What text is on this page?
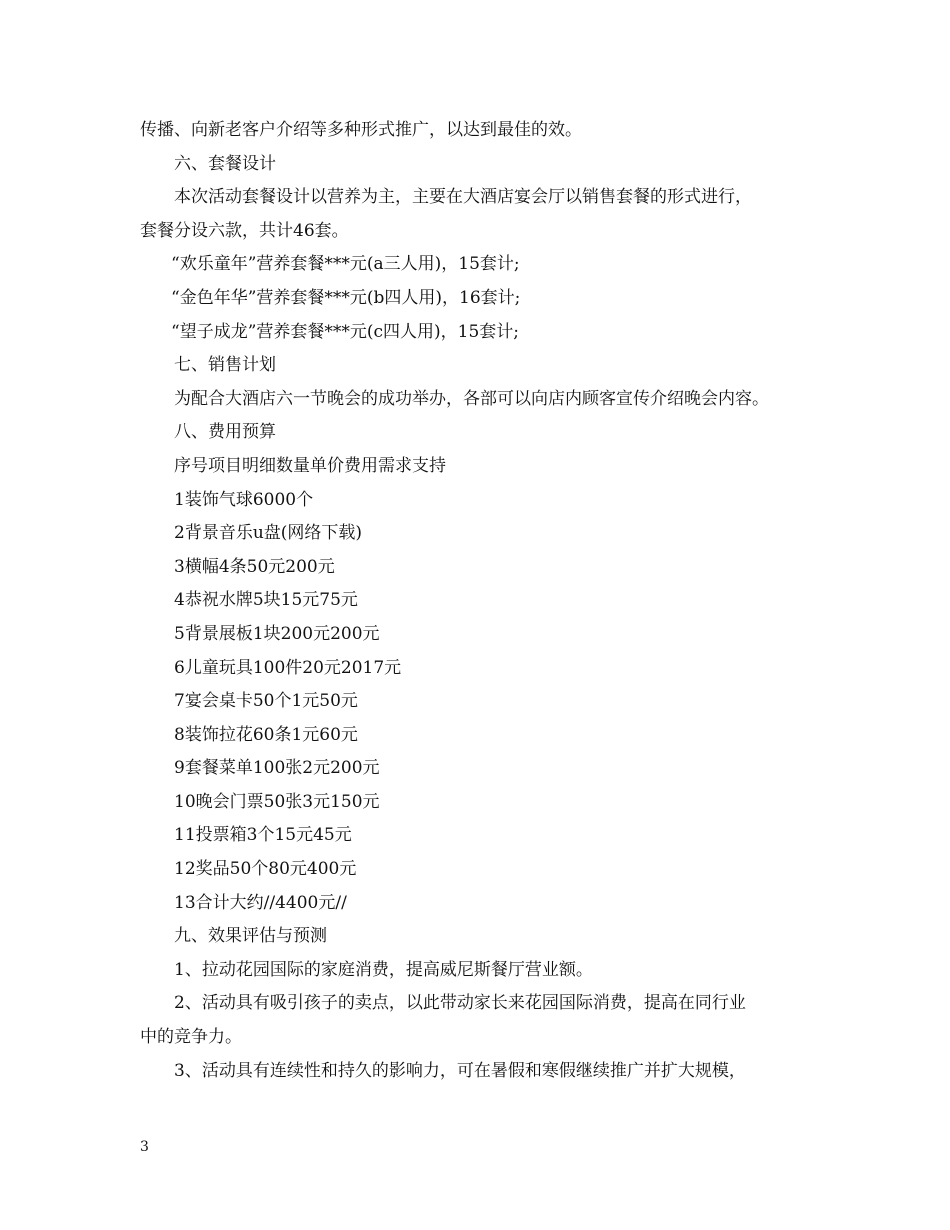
传播、向新老客户介绍等多种形式推广，以达到最佳的效。
六、套餐设计
本次活动套餐设计以营养为主，主要在大酒店宴会厅以销售套餐的形式进行，
套餐分设六款，共计46套。
“欢乐童年”营养套餐***元(a三人用)，15套计;
“金色年华”营养套餐***元(b四人用)，16套计;
“望子成龙”营养套餐***元(c四人用)，15套计;
七、销售计划
为配合大酒店六一节晚会的成功举办，各部可以向店内顾客宣传介绍晚会内容。
八、费用预算
序号项目明细数量单价费用需求支持
1装饰气球6000个
2背景音乐u盘(网络下载)
3横幅4条50元200元
4恭祝水牌5块15元75元
5背景展板1块200元200元
6儿童玩具100件20元2017元
7宴会桌卡50个1元50元
8装饰拉花60条1元60元
9套餐菜单100张2元200元
10晚会门票50张3元150元
11投票箱3个15元45元
12奖品50个80元400元
13合计大约//4400元//
九、效果评估与预测
1、拉动花园国际的家庭消费，提高威尼斯餐厅营业额。
2、活动具有吸引孩子的卖点，以此带动家长来花园国际消费，提高在同行业
中的竞争力。
3、活动具有连续性和持久的影响力，可在暑假和寒假继续推广并扩大规模，
3
